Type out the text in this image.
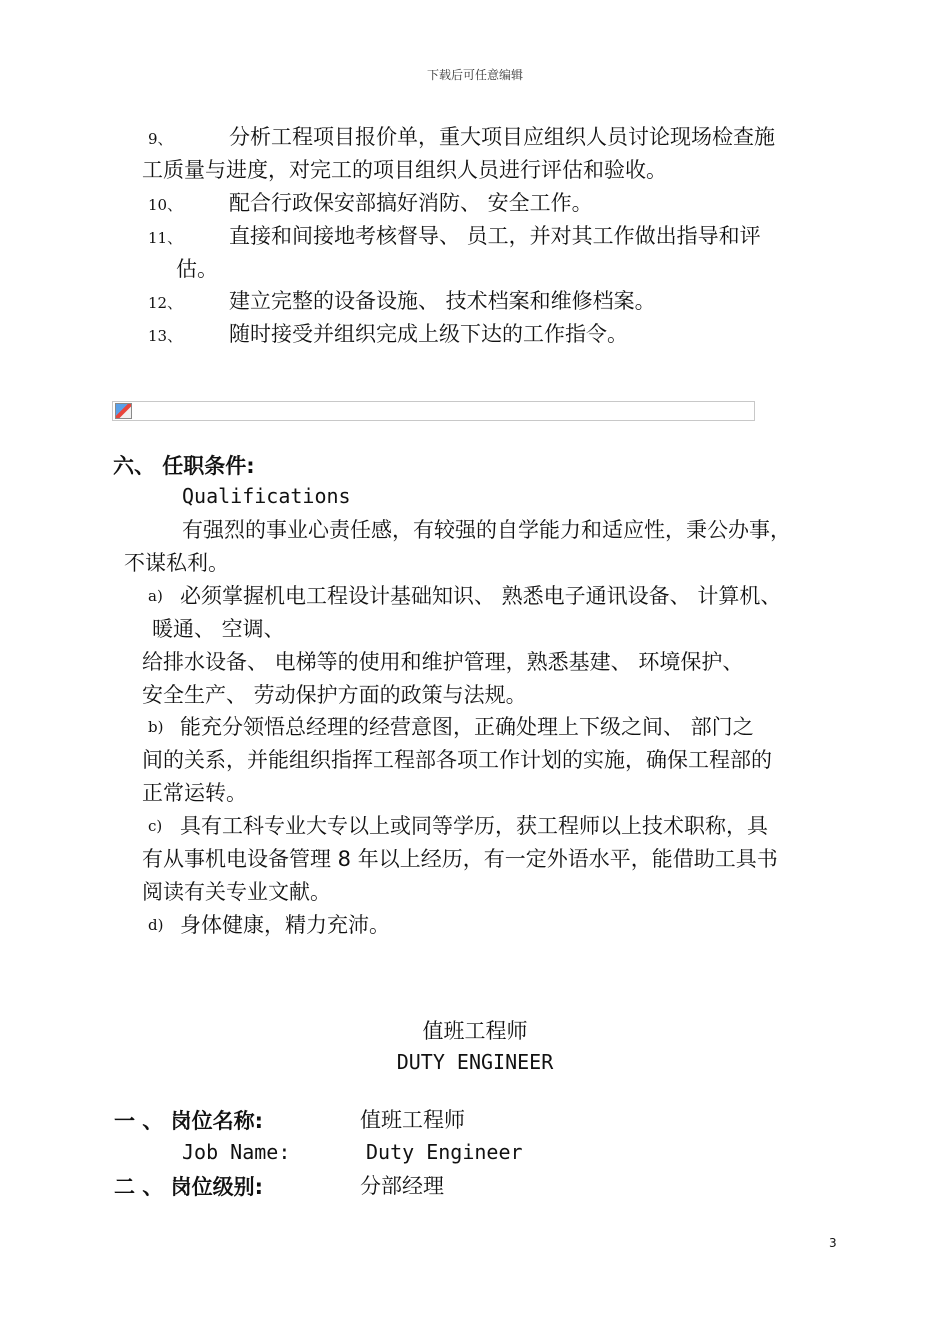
下载后可任意编辑
9、	分析工程项目报价单，重大项目应组织人员讨论现场检查施
工质量与进度，对完工的项目组织人员进行评估和验收。
10、 配合行政保安部搞好消防、 安全工作。
11、 直接和间接地考核督导、 员工，并对其工作做出指导和评
估。
12、 建立完整的设备设施、 技术档案和维修档案。
13、 随时接受并组织完成上级下达的工作指令。
六、 任职条件:
Qualifications
有强烈的事业心责任感，有较强的自学能力和适应性，秉公办事，
不谋私利。
a) 必须掌握机电工程设计基础知识、 熟悉电子通讯设备、 计算机、
暖通、 空调、
给排水设备、 电梯等的使用和维护管理，熟悉基建、 环境保护、
安全生产、 劳动保护方面的政策与法规。
b) 能充分领悟总经理的经营意图，正确处理上下级之间、 部门之
间的关系，并能组织指挥工程部各项工作计划的实施，确保工程部的
正常运转。
c) 具有工科专业大专以上或同等学历，获工程师以上技术职称，具
有从事机电设备管理 8 年以上经历，有一定外语水平，能借助工具书
阅读有关专业文献。
d) 身体健康，精力充沛。
值班工程师
DUTY ENGINEER
一 、 岗位名称:	值班工程师
Job Name:	Duty Engineer
二 、 岗位级别:	分部经理
3
